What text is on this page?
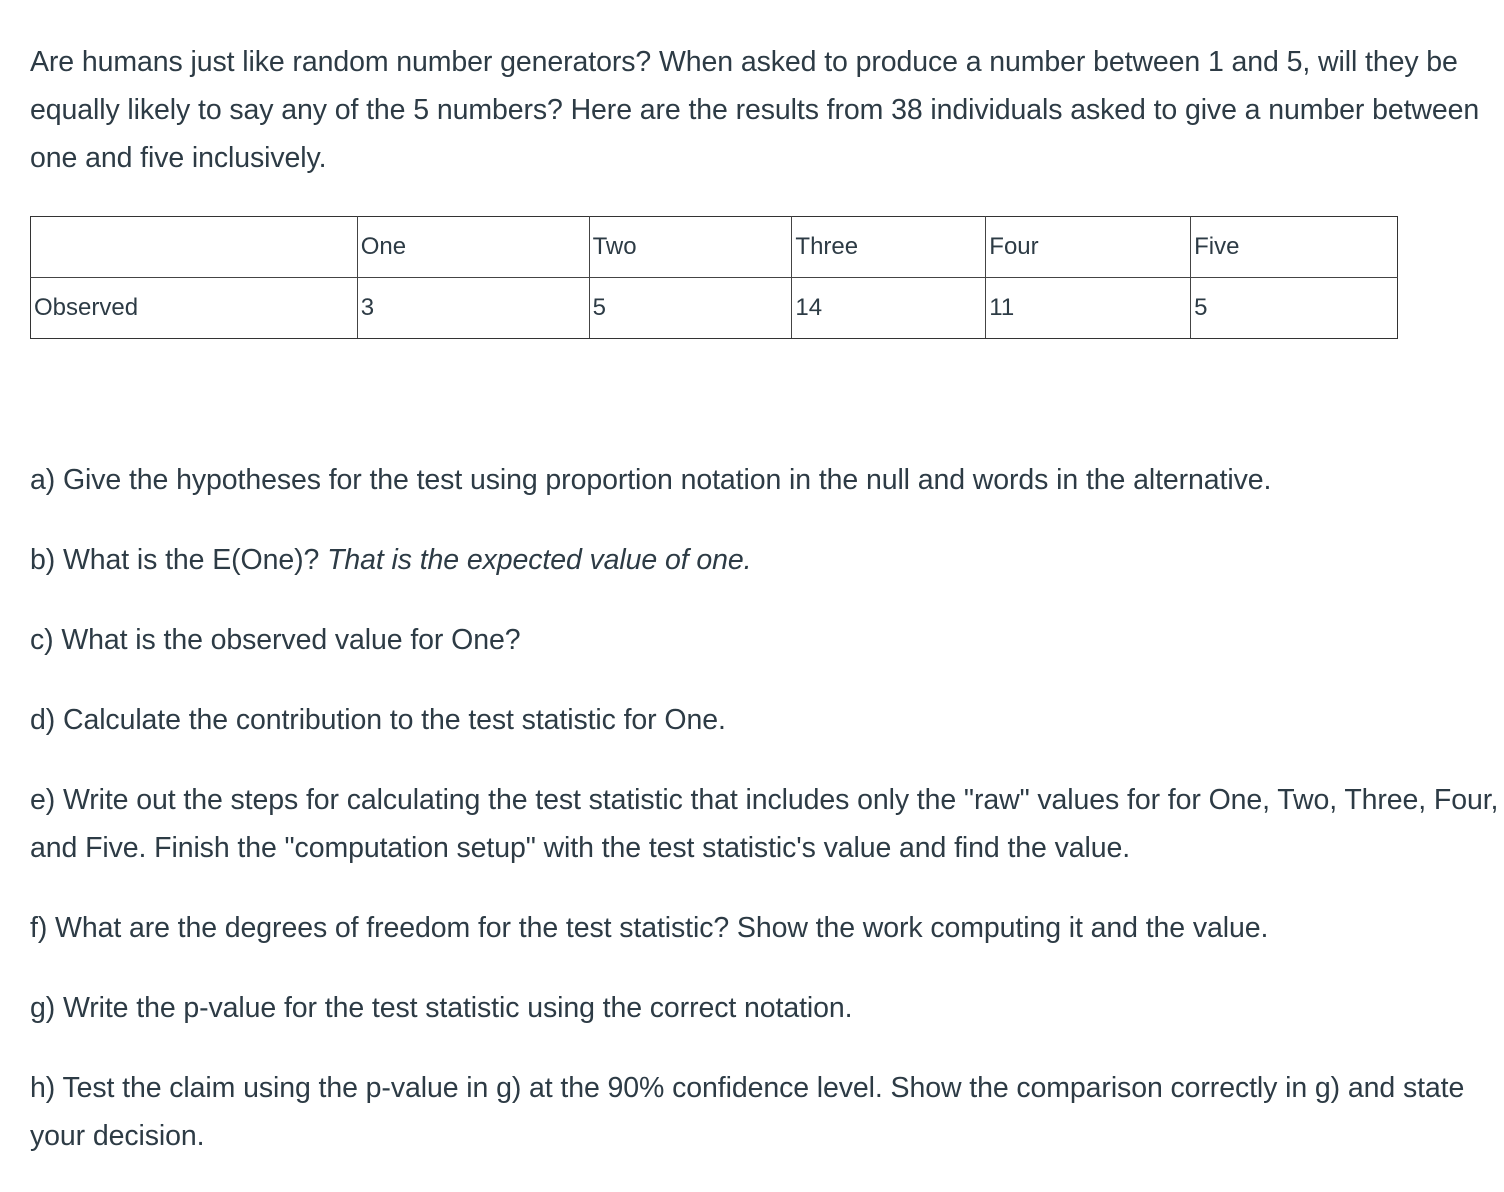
Are humans just like random number generators? When asked to produce a number between 1 and 5, will they be equally likely to say any of the 5 numbers? Here are the results from 38 individuals asked to give a number between one and five inclusively.

	One	Two	Three	Four	Five
Observed	3	5	14	11	5

a) Give the hypotheses for the test using proportion notation in the null and words in the alternative.

b) What is the E(One)? That is the expected value of one.

c) What is the observed value for One?

d) Calculate the contribution to the test statistic for One.

e) Write out the steps for calculating the test statistic that includes only the "raw" values for for One, Two, Three, Four, and Five. Finish the "computation setup" with the test statistic's value and find the value.

f) What are the degrees of freedom for the test statistic? Show the work computing it and the value.

g) Write the p-value for the test statistic using the correct notation.

h) Test the claim using the p-value in g) at the 90% confidence level. Show the comparison correctly in g) and state your decision.
